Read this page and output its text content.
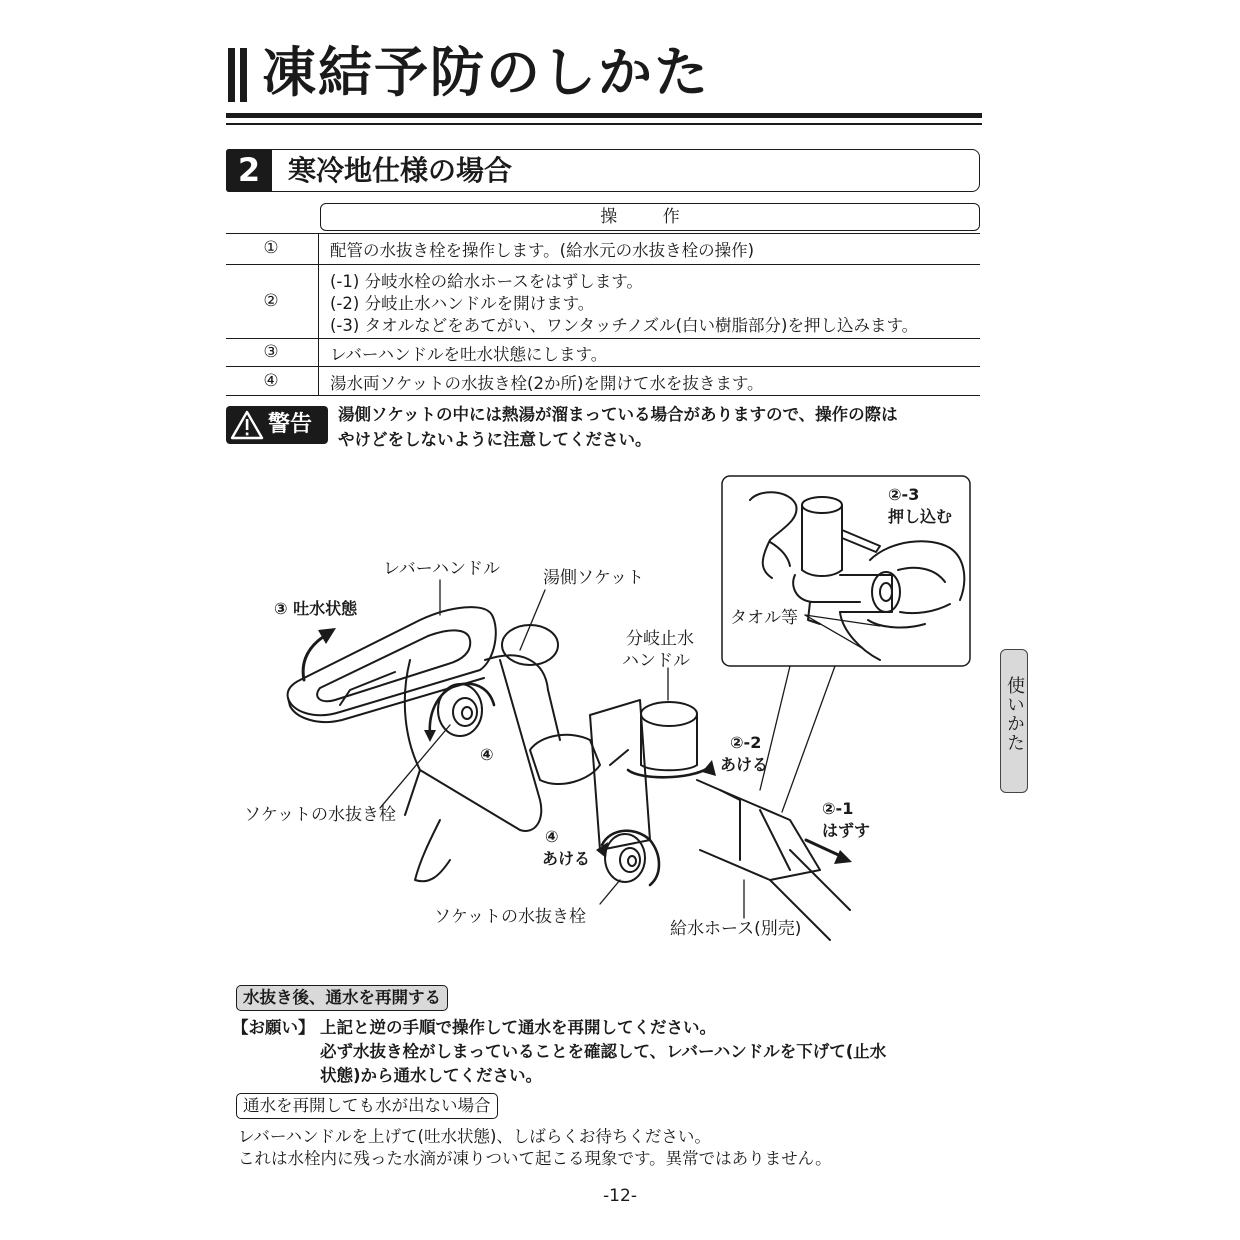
凍結予防のしかた
2 寒冷地仕様の場合
操 作
①	配管の水抜き栓を操作します。(給水元の水抜き栓の操作)
②
(-1) 分岐水栓の給水ホースをはずします。
(-2) 分岐止水ハンドルを開けます。
(-3) タオルなどをあてがい、ワンタッチノズル(白い樹脂部分)を押し込みます。
③	レバーハンドルを吐水状態にします。
④	湯水両ソケットの水抜き栓(2か所)を開けて水を抜きます。
警告 湯側ソケットの中には熱湯が溜まっている場合がありますので、操作の際は
やけどをしないように注意してください。
レバーハンドル	湯側ソケット
③ 吐水状態
分岐止水
ハンドル
④
ソケットの水抜き栓
②-2
あける
②-1
はずす
④
あける
ソケットの水抜き栓
給水ホース(別売)
②-3
押し込む
タオル等
使いかた
水抜き後、通水を再開する
【お願い】 上記と逆の手順で操作して通水を再開してください。
必ず水抜き栓がしまっていることを確認して、レバーハンドルを下げて(止水
状態)から通水してください。
通水を再開しても水が出ない場合
レバーハンドルを上げて(吐水状態)、しばらくお待ちください。
これは水栓内に残った水滴が凍りついて起こる現象です。異常ではありません。
-12-
